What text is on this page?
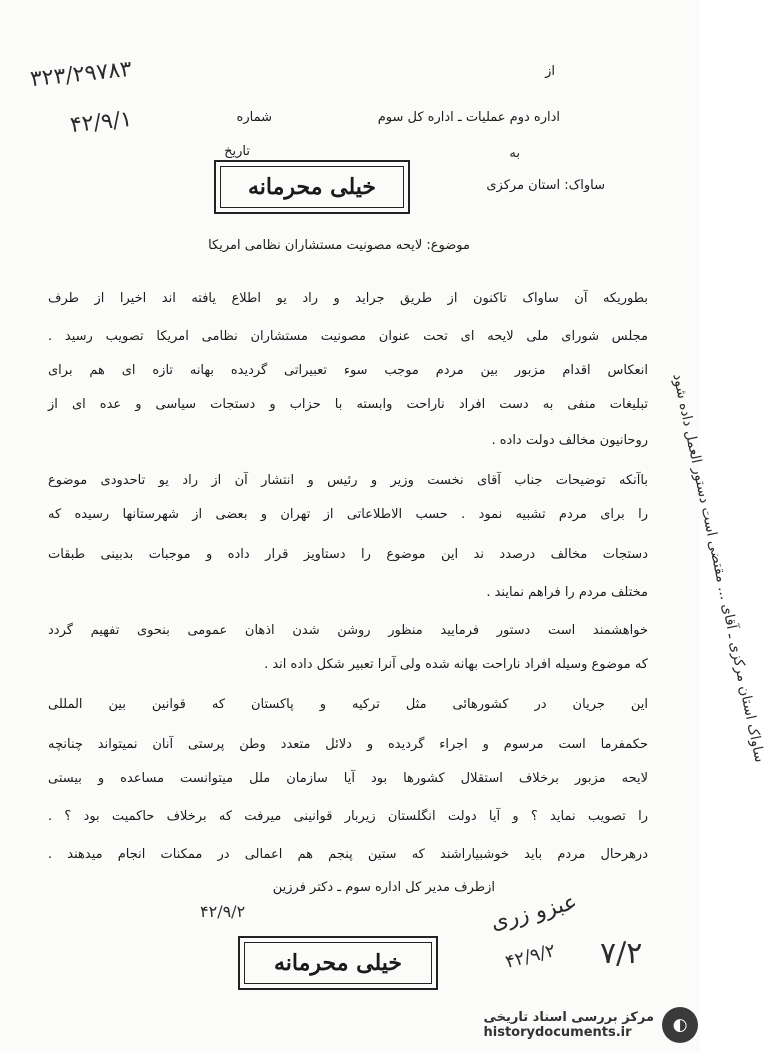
۳۲۳/۲۹۷۸۳
۴۲/۹/۱
از
اداره دوم عملیات ـ اداره کل سوم
شماره
تاریخ	به
ساواک: استان مرکزی
خیلی محرمانه
موضوع: لایحه مصونیت مستشاران نظامی امریکا
بطوریکه آن ساواک تاکنون از طریق جراید و راد یو اطلاع یافته اند اخیرا از طرف
مجلس شورای ملی لایحه ای تحت عنوان مصونیت مستشاران نظامی امریکا تصویب رسید .
انعکاس اقدام مزبور بین مردم موجب سوء تعبیراتی گردیده بهانه تازه ای هم برای
تبلیغات منفی به دست افراد ناراحت وابسته با حزاب و دستجات سیاسی و عده ای از
روحانیون مخالف دولت داده .
باآنکه توضیحات جناب آقای نخست وزیر و رئیس و انتشار آن از راد یو تاحدودی موضوع
را برای مردم تشبیه نمود . حسب الاطلاعاتی از تهران و بعضی از شهرستانها رسیده که
دستجات مخالف درصدد ند این موضوع را دستاویز قرار داده و موجبات بدبینی طبقات
مختلف مردم را فراهم نمایند .
خواهشمند است دستور فرمایید منظور روشن شدن اذهان عمومی بنحوی تفهیم گردد
که موضوع وسیله افراد ناراحت بهانه شده ولی آنرا تعبیر شکل داده اند .
این جریان در کشورهائی مثل ترکیه و پاکستان که قوانین بین المللی
حکمفرما است مرسوم و اجراء گردیده و دلائل متعدد وطن پرستی آنان نمیتواند چنانچه
لایحه مزبور برخلاف استقلال کشورها بود آیا سازمان ملل میتوانست مساعده و بیستی
را تصویب نماید ؟ و آیا دولت انگلستان زیربار قوانینی میرفت که برخلاف حاکمیت بود ؟ .
درهرحال مردم باید خوشبیاراشند که ستین پنجم هم اعمالی در ممکنات انجام میدهند .
ازطرف مدیر کل اداره سوم ـ دکتر فرزین
۴۲/۹/۲
خیلی محرمانه
عبزو زری
۴۲/۹/۲ ۷/۲
ساواک استان مرکزی ـ آقای ... مقتضی است دستور العمل داده شود
◐
مرکز بررسی اسناد تاریخی
historydocuments.ir
